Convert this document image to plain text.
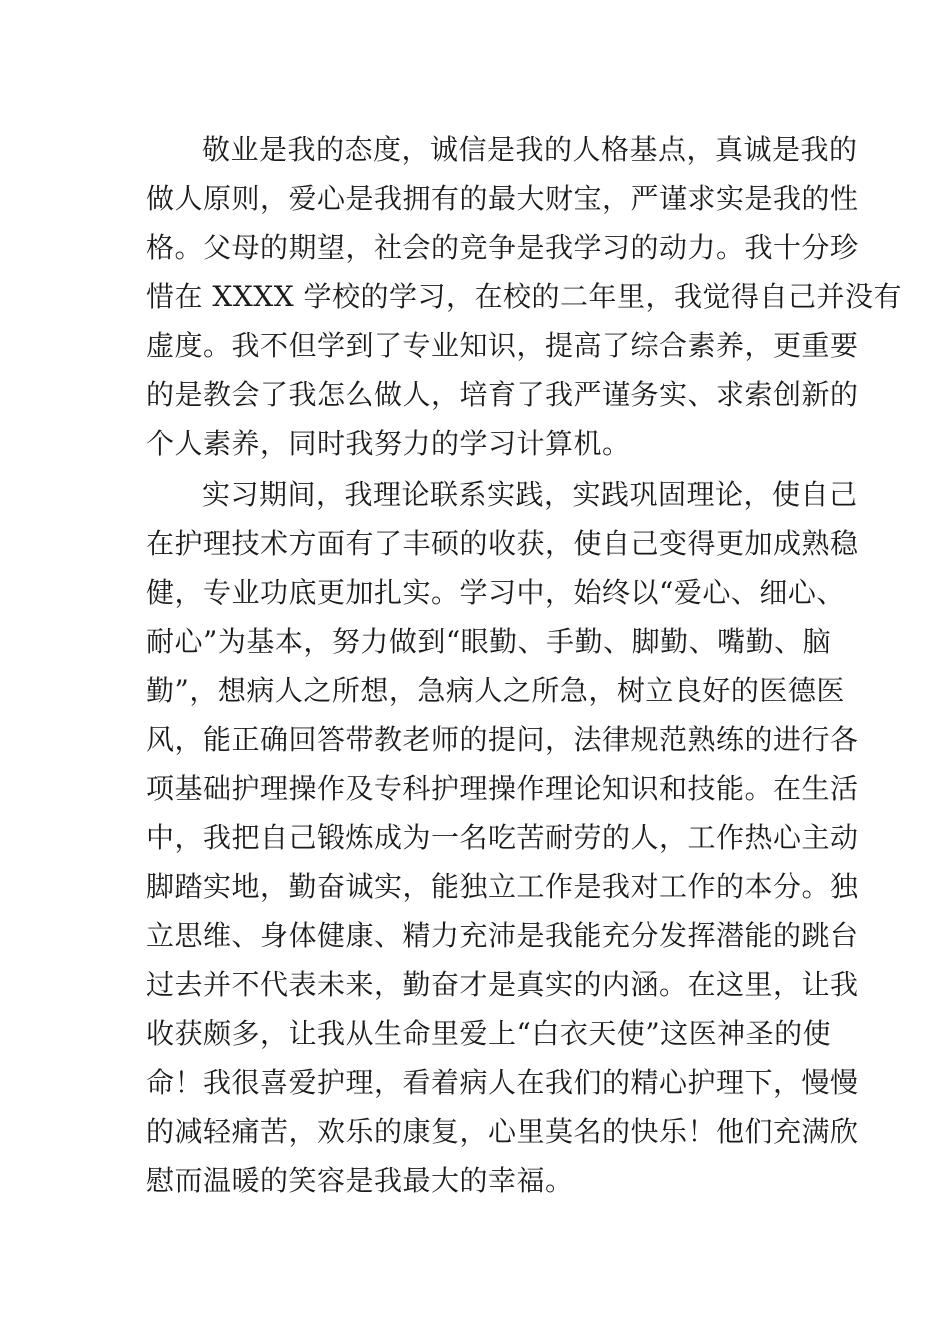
敬业是我的态度，诚信是我的人格基点，真诚是我的
做人原则，爱心是我拥有的最大财宝，严谨求实是我的性
格。父母的期望，社会的竞争是我学习的动力。我十分珍
惜在 XXXX 学校的学习，在校的二年里，我觉得自己并没有
虚度。我不但学到了专业知识，提高了综合素养，更重要
的是教会了我怎么做人，培育了我严谨务实、求索创新的
个人素养，同时我努力的学习计算机。
实习期间，我理论联系实践，实践巩固理论，使自己
在护理技术方面有了丰硕的收获，使自己变得更加成熟稳
健，专业功底更加扎实。学习中，始终以“爱心、细心、
耐心”为基本，努力做到“眼勤、手勤、脚勤、嘴勤、脑
勤”，想病人之所想，急病人之所急，树立良好的医德医
风，能正确回答带教老师的提问，法律规范熟练的进行各
项基础护理操作及专科护理操作理论知识和技能。在生活
中，我把自己锻炼成为一名吃苦耐劳的人，工作热心主动
脚踏实地，勤奋诚实，能独立工作是我对工作的本分。独
立思维、身体健康、精力充沛是我能充分发挥潜能的跳台
过去并不代表未来，勤奋才是真实的内涵。在这里，让我
收获颇多，让我从生命里爱上“白衣天使”这医神圣的使
命！我很喜爱护理，看着病人在我们的精心护理下，慢慢
的减轻痛苦，欢乐的康复，心里莫名的快乐！他们充满欣
慰而温暖的笑容是我最大的幸福。
